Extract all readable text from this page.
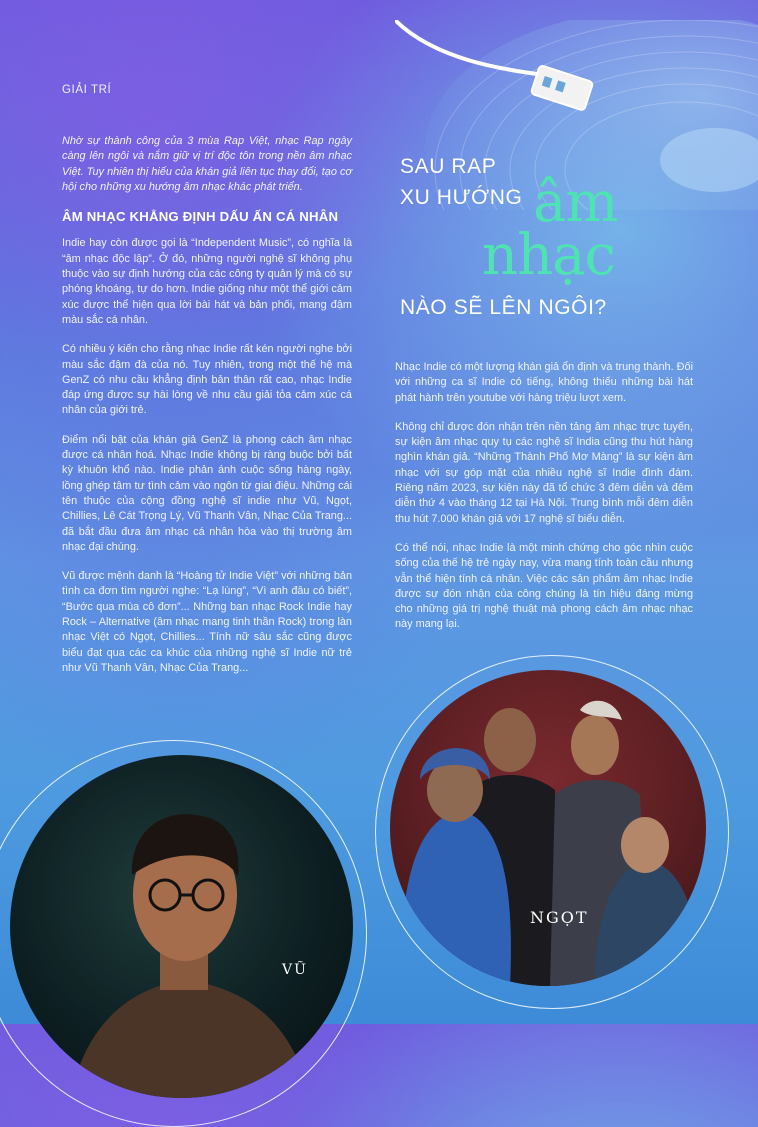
GIẢI TRÍ
SAU RAP
XU HƯỚNG âm
nhạc
NÀO SẼ LÊN NGÔI?

Nhờ sự thành công của 3 mùa Rap Việt, nhạc Rap ngày càng lên ngôi và nắm giữ vị trí độc tôn trong nền âm nhạc Việt. Tuy nhiên thị hiếu của khán giả liên tục thay đổi, tạo cơ hội cho những xu hướng âm nhạc khác phát triển.

ÂM NHẠC KHẲNG ĐỊNH DẤU ẤN CÁ NHÂN

Indie hay còn được gọi là “Independent Music”, có nghĩa là “âm nhạc độc lập”. Ở đó, những người nghệ sĩ không phụ thuộc vào sự định hướng của các công ty quản lý mà có sự phóng khoáng, tự do hơn. Indie giống như một thể giới cảm xúc được thể hiện qua lời bài hát và bản phối, mang đậm màu sắc cá nhân.

Có nhiều ý kiến cho rằng nhạc Indie rất kén người nghe bởi màu sắc đậm đà của nó. Tuy nhiên, trong một thế hệ mà GenZ có nhu cầu khẳng định bản thân rất cao, nhạc Indie đáp ứng được sự hài lòng về nhu cầu giải tỏa cảm xúc cá nhân của giới trẻ.

Điểm nổi bật của khán giả GenZ là phong cách âm nhạc được cá nhân hoá. Nhạc Indie không bị ràng buộc bởi bất kỳ khuôn khổ nào. Indie phản ánh cuộc sống hàng ngày, lồng ghép tâm tư tình cảm vào ngôn từ giai điệu. Những cái tên thuộc của cộng đồng nghệ sĩ indie như Vũ, Ngọt, Chillies, Lê Cát Trọng Lý, Vũ Thanh Vân, Nhạc Của Trang... đã bắt đầu đưa âm nhạc cá nhân hòa vào thị trường âm nhạc đại chúng.

Vũ được mệnh danh là “Hoàng tử Indie Việt” với những bản tình ca đơn tìm người nghe: “Lạ lùng”, “Vì anh đâu có biết”, “Bước qua mùa cô đơn”... Những ban nhạc Rock Indie hay Rock – Alternative (âm nhạc mang tinh thần Rock) trong làn nhạc Việt có Ngọt, Chillies... Tính nữ sâu sắc cũng được biểu đạt qua các ca khúc của những nghệ sĩ Indie nữ trẻ như Vũ Thanh Vân, Nhạc Của Trang...

Nhạc Indie có một lượng khán giả ổn định và trung thành. Đối với những ca sĩ Indie có tiếng, không thiếu những bài hát phát hành trên youtube với hàng triệu lượt xem.

Không chỉ được đón nhận trên nền tảng âm nhạc trực tuyến, sự kiện âm nhạc quy tụ các nghệ sĩ India cũng thu hút hàng nghìn khán giả. “Những Thành Phố Mơ Màng” là sự kiện âm nhạc với sự góp mặt của nhiều nghệ sĩ Indie đình đám. Riêng năm 2023, sự kiện này đã tổ chức 3 đêm diễn và đêm diễn thứ 4 vào tháng 12 tại Hà Nội. Trung bình mỗi đêm diễn thu hút 7.000 khán giả với 17 nghệ sĩ biểu diễn.

Có thể nói, nhạc Indie là một minh chứng cho góc nhìn cuộc sống của thế hệ trẻ ngày nay, vừa mang tính toàn cầu nhưng vẫn thể hiện tính cá nhân. Việc các sản phẩm âm nhạc Indie được sự đón nhận của công chúng là tín hiệu đáng mừng cho những giá trị nghệ thuật mà phong cách âm nhạc nhạc này mang lại.

VŨ
NGỌT
